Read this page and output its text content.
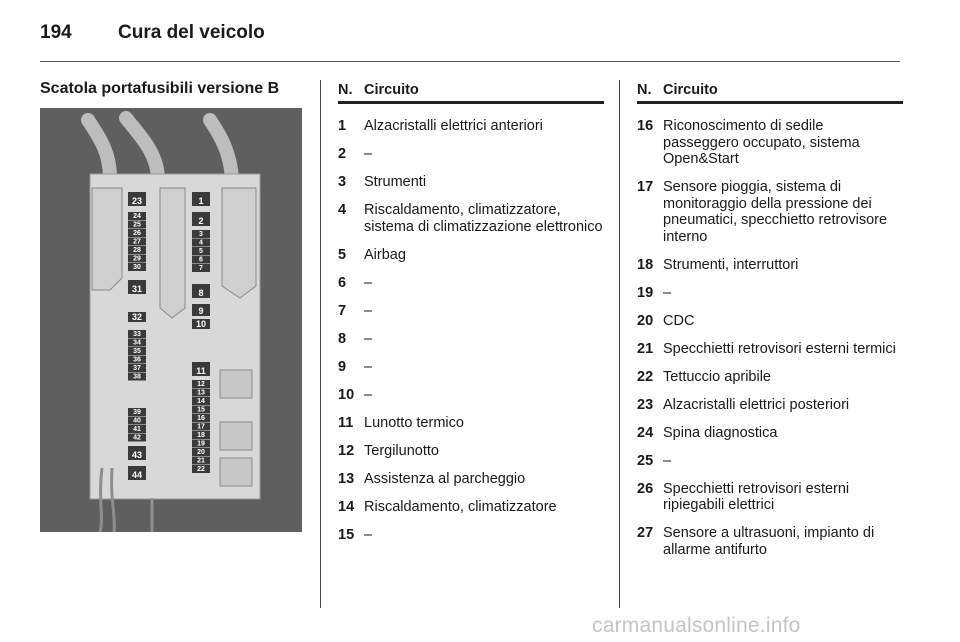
194 Cura del veicolo
Scatola portafusibili versione B
23
24
25
26
27
28
29
30
31
32
33
34
35
36
37
38
1
2
3
4
5
6
7
8
9
10
11
12
13
14
15
16
17
18
19
20
21
22
39
40
41
42
43
44
N. Circuito
1	Alzacristalli elettrici anteriori
2	–
3	Strumenti
4	Riscaldamento, climatizzatore, sistema di climatizzazione elettronico
5	Airbag
6	–
7	–
8	–
9	–
10 –
11 Lunotto termico
12 Tergilunotto
13 Assistenza al parcheggio
14 Riscaldamento, climatizzatore
15 –
N. Circuito
16 Riconoscimento di sedile passeggero occupato, sistema Open&Start
17 Sensore pioggia, sistema di monitoraggio della pressione dei pneumatici, specchietto retrovisore interno
18 Strumenti, interruttori
19 –
20 CDC
21 Specchietti retrovisori esterni termici
22 Tettuccio apribile
23 Alzacristalli elettrici posteriori
24 Spina diagnostica
25 –
26 Specchietti retrovisori esterni ripiegabili elettrici
27 Sensore a ultrasuoni, impianto di allarme antifurto
carmanualsonline.info
